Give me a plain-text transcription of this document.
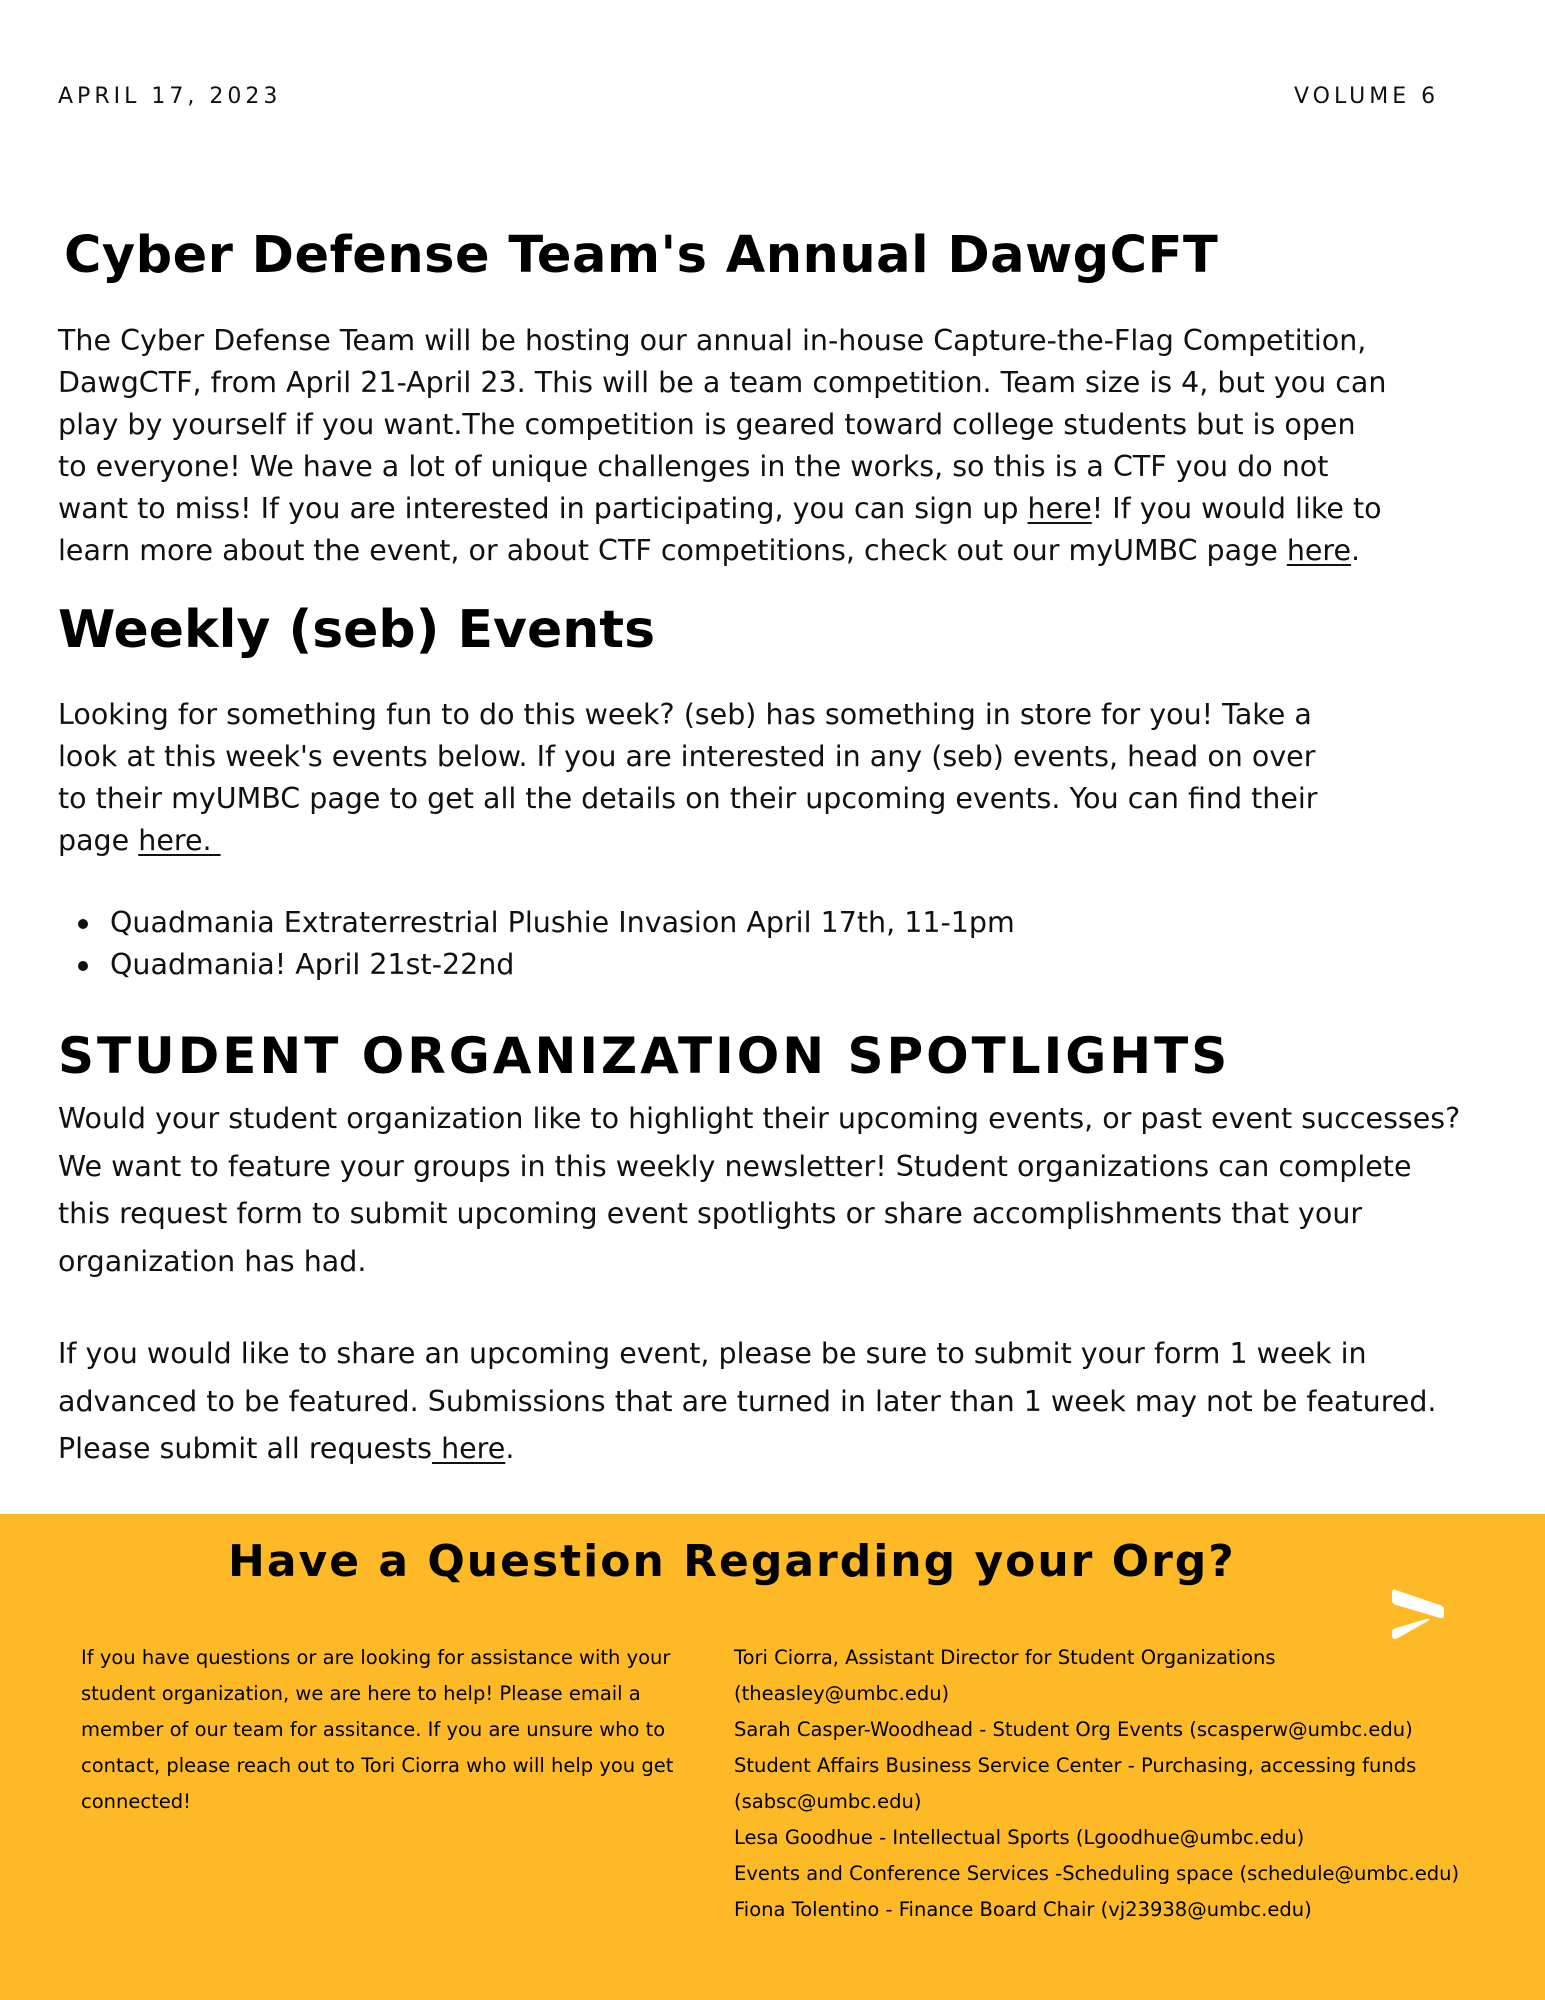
APRIL 17, 2023	VOLUME 6
Cyber Defense Team's Annual DawgCFT
The Cyber Defense Team will be hosting our annual in-house Capture-the-Flag Competition,
DawgCTF, from April 21-April 23. This will be a team competition. Team size is 4, but you can
play by yourself if you want.The competition is geared toward college students but is open
to everyone! We have a lot of unique challenges in the works, so this is a CTF you do not
want to miss! If you are interested in participating, you can sign up here! If you would like to
learn more about the event, or about CTF competitions, check out our myUMBC page here.
Weekly (seb) Events
Looking for something fun to do this week? (seb) has something in store for you! Take a
look at this week's events below. If you are interested in any (seb) events, head on over
to their myUMBC page to get all the details on their upcoming events. You can find their
page here.
Quadmania Extraterrestrial Plushie Invasion April 17th, 11-1pm
Quadmania! April 21st-22nd
STUDENT ORGANIZATION SPOTLIGHTS
Would your student organization like to highlight their upcoming events, or past event successes?
We want to feature your groups in this weekly newsletter! Student organizations can complete
this request form to submit upcoming event spotlights or share accomplishments that your
organization has had.
If you would like to share an upcoming event, please be sure to submit your form 1 week in
advanced to be featured. Submissions that are turned in later than 1 week may not be featured.
Please submit all requests here.
Have a Question Regarding your Org?
If you have questions or are looking for assistance with your
student organization, we are here to help! Please email a
member of our team for assitance. If you are unsure who to
contact, please reach out to Tori Ciorra who will help you get
connected!
Tori Ciorra, Assistant Director for Student Organizations
(theasley@umbc.edu)
Sarah Casper-Woodhead - Student Org Events (scasperw@umbc.edu)
Student Affairs Business Service Center - Purchasing, accessing funds
(sabsc@umbc.edu)
Lesa Goodhue - Intellectual Sports (Lgoodhue@umbc.edu)
Events and Conference Services -Scheduling space (schedule@umbc.edu)
Fiona Tolentino - Finance Board Chair (vj23938@umbc.edu)
